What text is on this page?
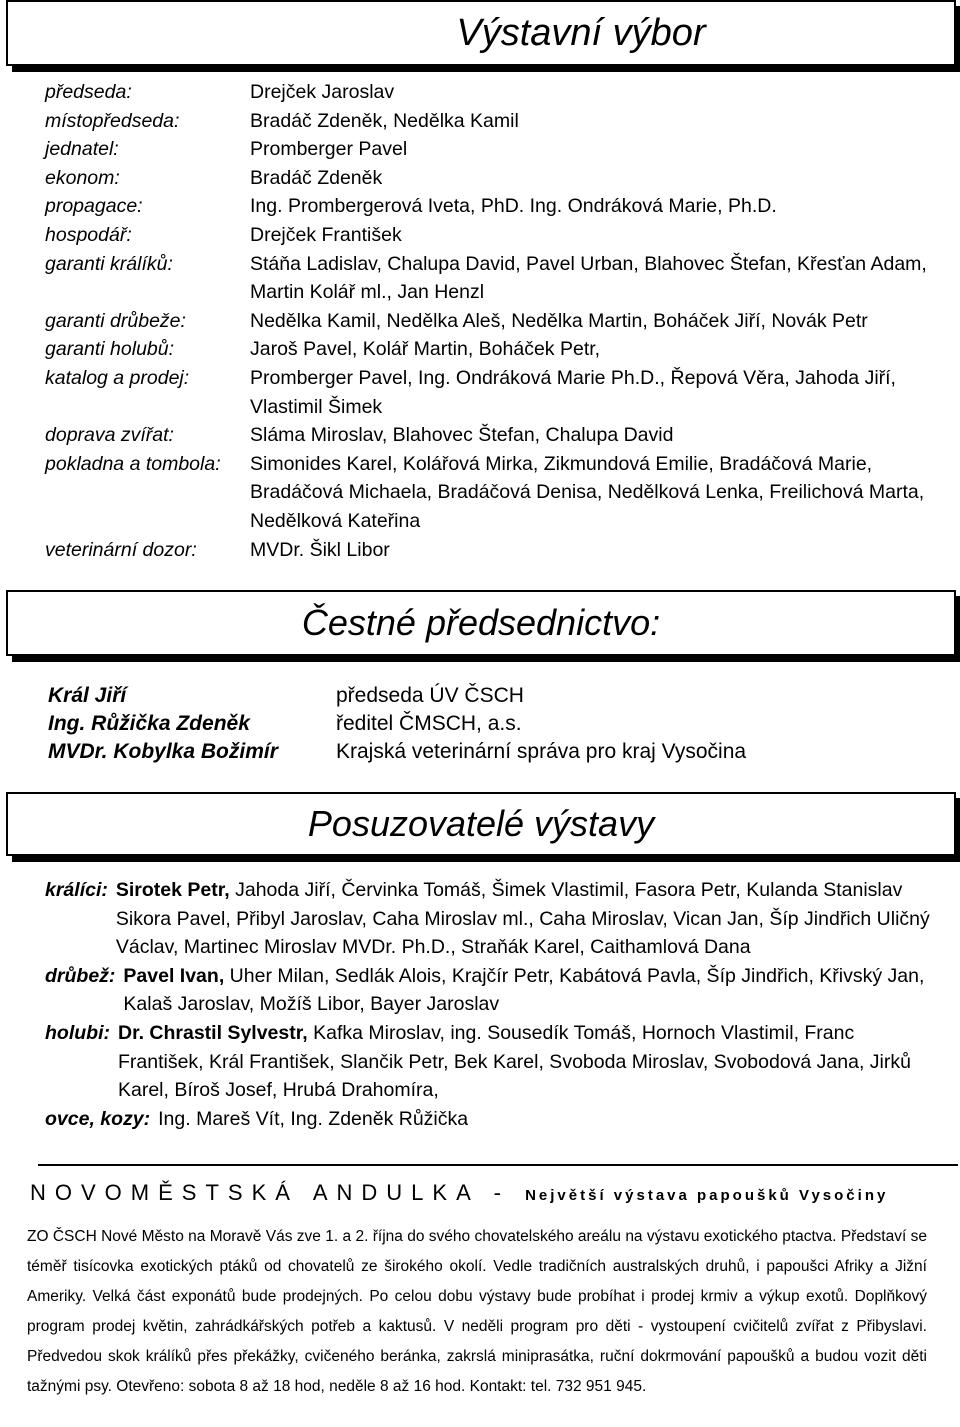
Výstavní výbor
předseda:	Drejček Jaroslav
místopředseda:	Bradáč Zdeněk, Nedělka Kamil
jednatel:	Promberger Pavel
ekonom:	Bradáč Zdeněk
propagace:	Ing. Prombergerová Iveta, PhD. Ing. Ondráková Marie, Ph.D.
hospodář:	Drejček František
garanti králíků:	Stáňa Ladislav, Chalupa David, Pavel Urban, Blahovec Štefan, Křesťan Adam, Martin Kolář ml., Jan Henzl
garanti drůbeže:	Nedělka Kamil, Nedělka Aleš, Nedělka Martin, Boháček Jiří, Novák Petr
garanti holubů:	Jaroš Pavel, Kolář Martin, Boháček Petr,
katalog a prodej:	Promberger Pavel, Ing. Ondráková Marie Ph.D., Řepová Věra, Jahoda Jiří, Vlastimil Šimek
doprava zvířat:	Sláma Miroslav, Blahovec Štefan, Chalupa David
pokladna a tombola:	Simonides Karel, Kolářová Mirka, Zikmundová Emilie, Bradáčová Marie, Bradáčová Michaela, Bradáčová Denisa, Nedělková Lenka, Freilichová Marta, Nedělková Kateřina
veterinární dozor:	MVDr. Šikl Libor
Čestné předsednictvo:
Král Jiří	předseda ÚV ČSCH
Ing. Růžička Zdeněk	ředitel ČMSCH, a.s.
MVDr. Kobylka Božimír	Krajská veterinární správa pro kraj Vysočina
Posuzovatelé výstavy
králíci: Sirotek Petr, Jahoda Jiří, Červinka Tomáš, Šimek Vlastimil, Fasora Petr, Kulanda Stanislav Sikora Pavel, Přibyl Jaroslav, Caha Miroslav ml., Caha Miroslav, Vican Jan, Šíp Jindřich Uličný Václav, Martinec Miroslav MVDr. Ph.D., Straňák Karel, Caithamlová Dana
drůbež: Pavel Ivan, Uher Milan, Sedlák Alois, Krajčír Petr, Kabátová Pavla, Šíp Jindřich, Křivský Jan, Kalaš Jaroslav, Možíš Libor, Bayer Jaroslav
holubi: Dr. Chrastil Sylvestr, Kafka Miroslav, ing. Sousedík Tomáš, Hornoch Vlastimil, Franc František, Král František, Slančik Petr, Bek Karel, Svoboda Miroslav, Svobodová Jana, Jirků Karel, Bíroš Josef, Hrubá Drahomíra,
ovce, kozy: Ing. Mareš Vít, Ing. Zdeněk Růžička
NOVOMĚSTSKÁ ANDULKA - Největší výstava papoušků Vysočiny
ZO ČSCH Nové Město na Moravě Vás zve 1. a 2. října do svého chovatelského areálu na výstavu exotického ptactva. Představí se téměř tisícovka exotických ptáků od chovatelů ze širokého okolí. Vedle tradičních australských druhů, i papoušci Afriky a Jižní Ameriky. Velká část exponátů bude prodejných. Po celou dobu výstavy bude probíhat i prodej krmiv a výkup exotů. Doplňkový program prodej květin, zahrádkářských potřeb a kaktusů. V neděli program pro děti - vystoupení cvičitelů zvířat z Přibyslavi. Předvedou skok králíků přes překážky, cvičeného beránka, zakrslá miniprasátka, ruční dokrmování papoušků a budou vozit děti tažnými psy. Otevřeno: sobota 8 až 18 hod, neděle 8 až 16 hod. Kontakt: tel. 732 951 945.
